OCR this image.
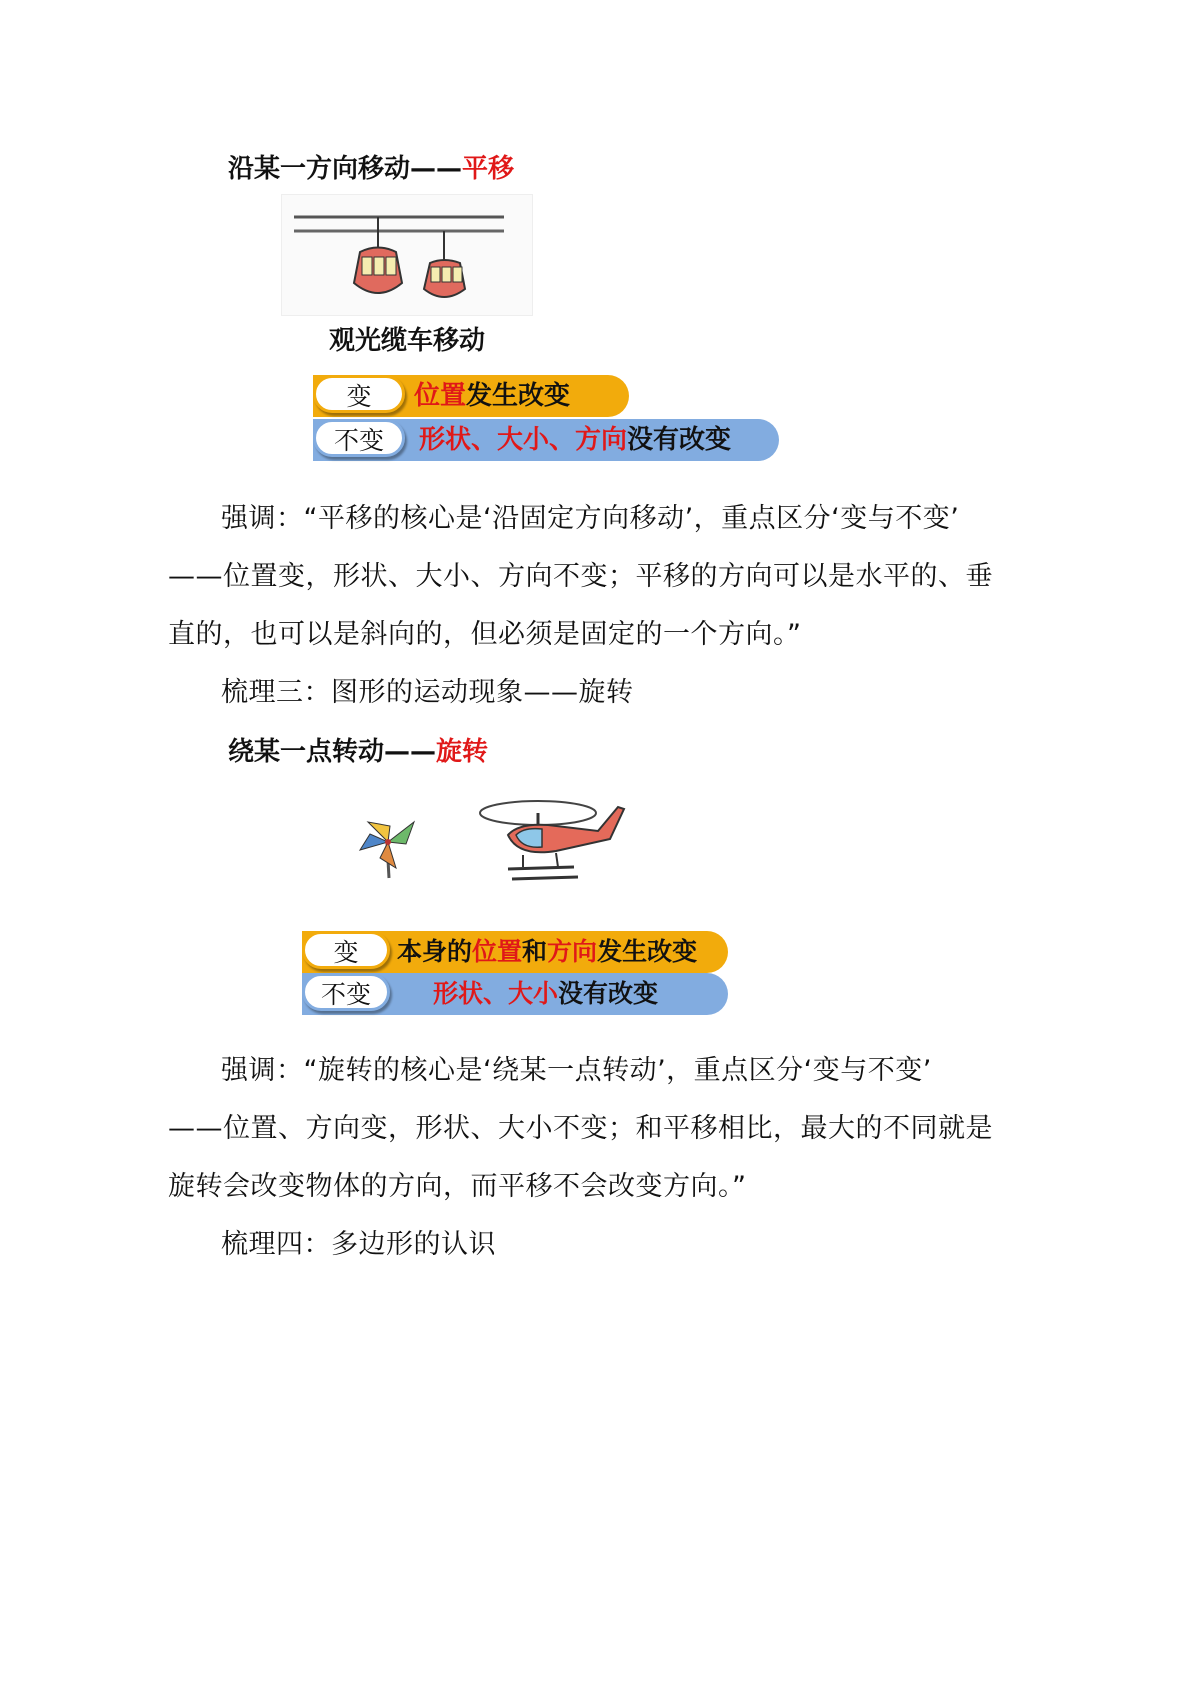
沿某一方向移动——平移
观光缆车移动
变	位置发生改变
不变	形状、大小、方向没有改变
强调：“平移的核心是‘沿固定方向移动’，重点区分‘变与不变’
——位置变，形状、大小、方向不变；平移的方向可以是水平的、垂
直的，也可以是斜向的，但必须是固定的一个方向。”
梳理三：图形的运动现象——旋转
绕某一点转动——旋转
变	本身的位置和方向发生改变
不变	形状、大小没有改变
强调：“旋转的核心是‘绕某一点转动’，重点区分‘变与不变’
——位置、方向变，形状、大小不变；和平移相比，最大的不同就是
旋转会改变物体的方向，而平移不会改变方向。”
梳理四：多边形的认识
